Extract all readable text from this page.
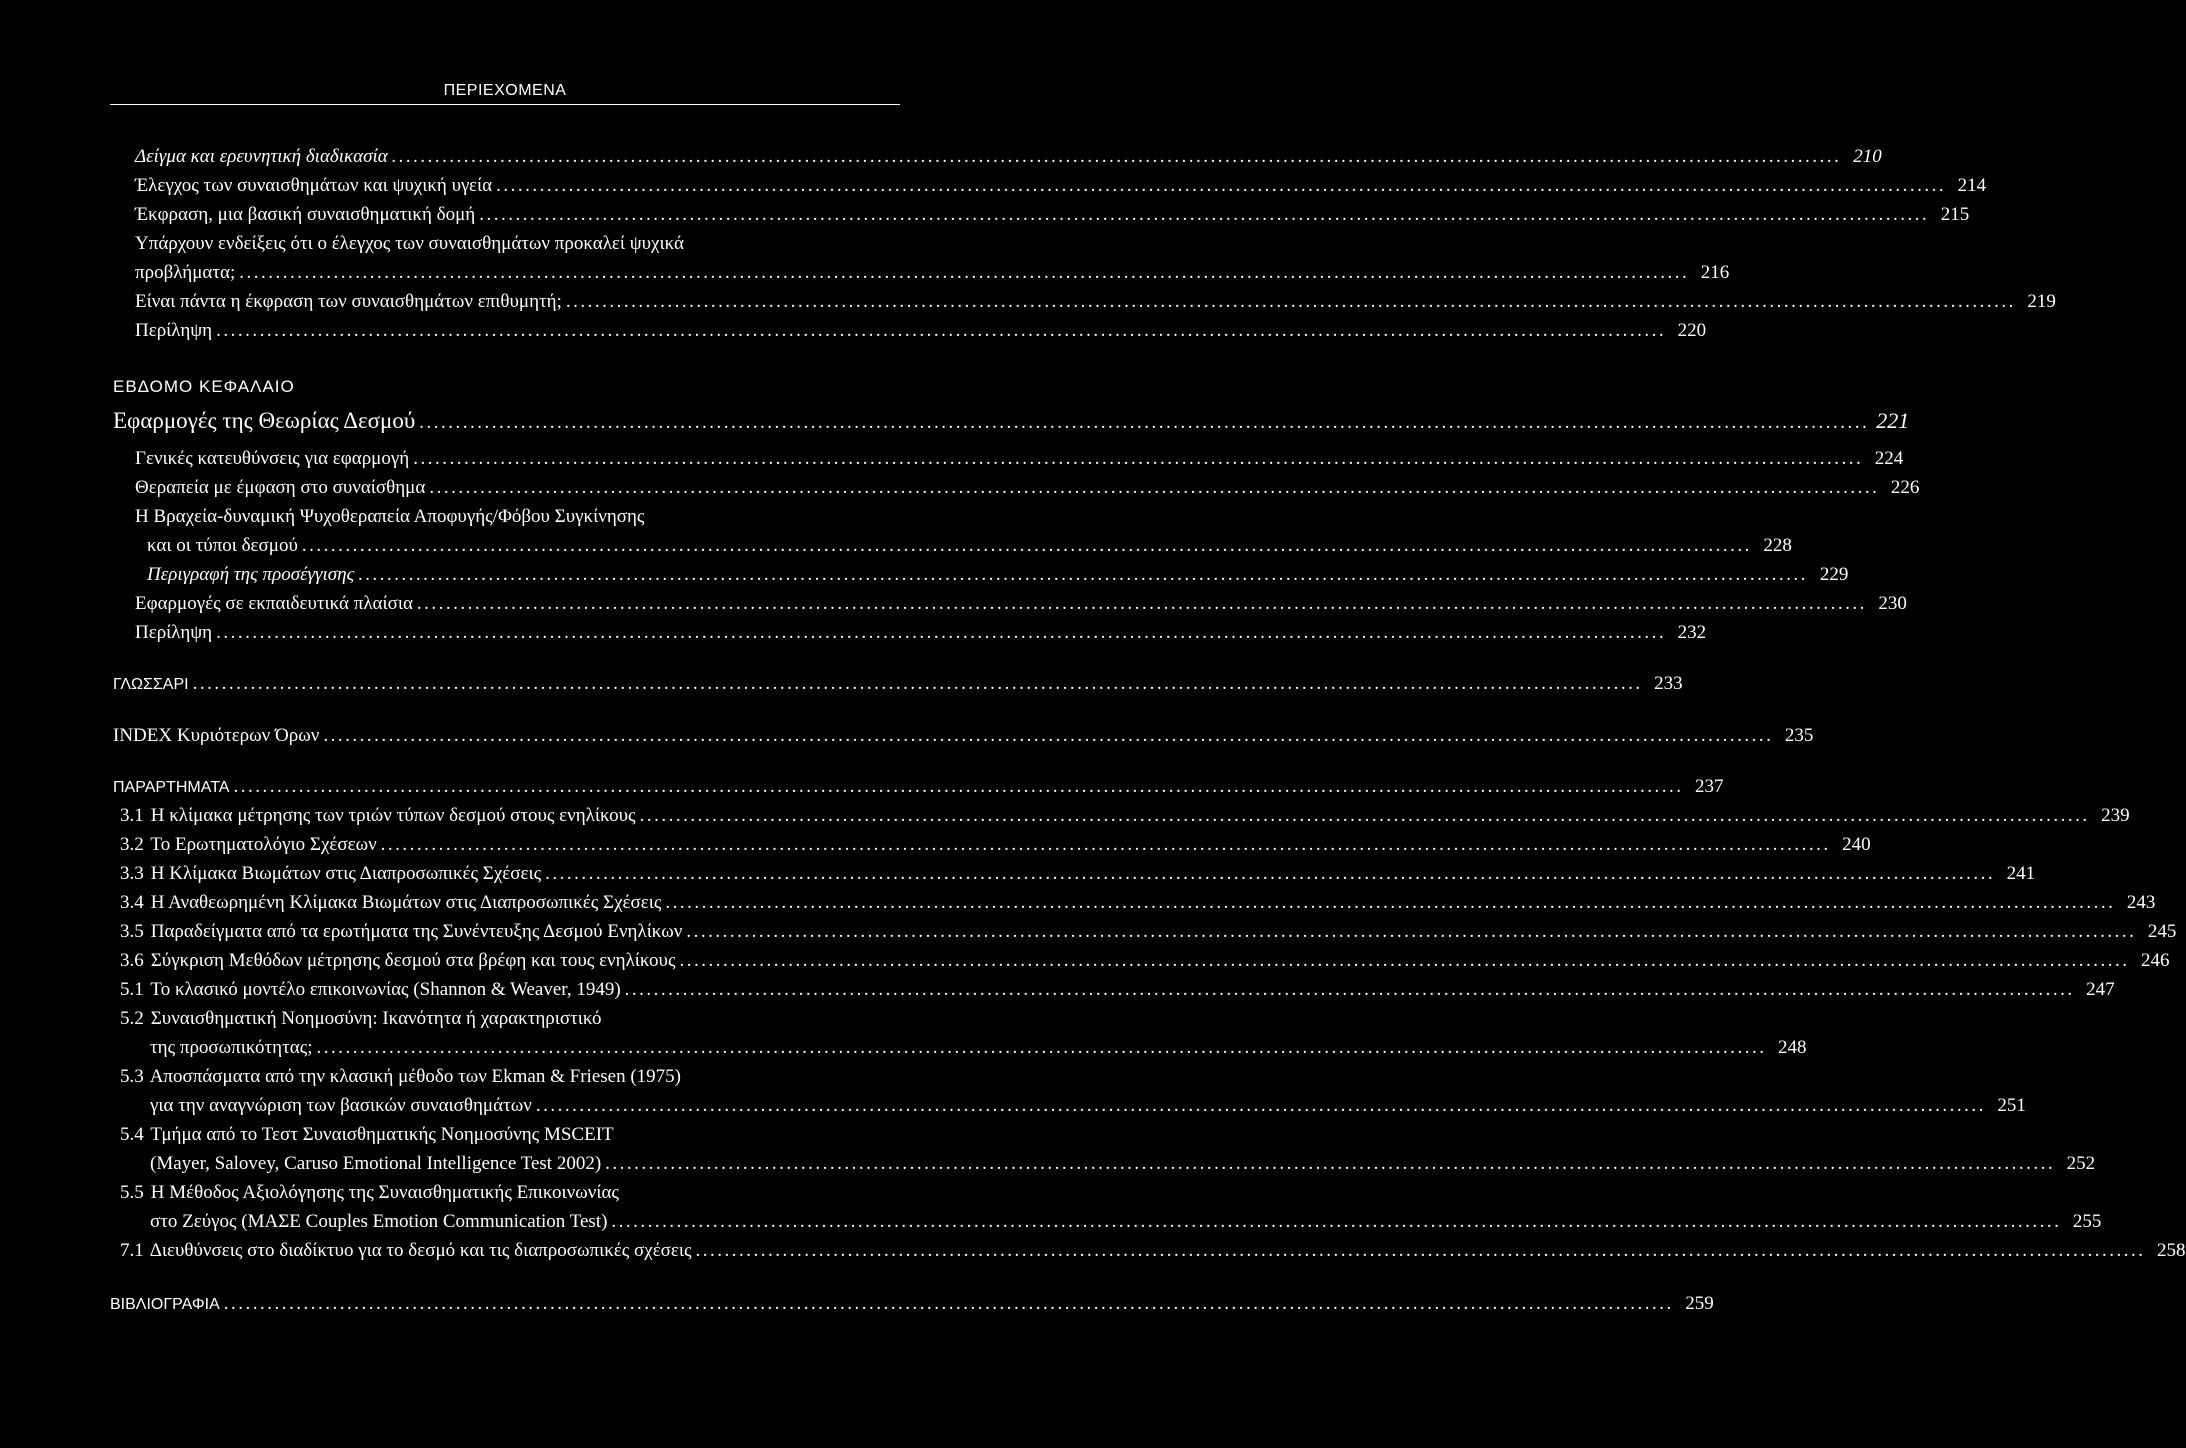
ΠΕΡΙΕΧΟΜΕΝΑ
Δείγμα και ερευνητική διαδικασία ........................................................................................................................................................................................................ 210
Έλεγχος των συναισθημάτων και ψυχική υγεία ........................................................................................................................................................................................................ 214
Έκφραση, μια βασική συναισθηματική δομή ........................................................................................................................................................................................................ 215
Υπάρχουν ενδείξεις ότι ο έλεγχος των συναισθημάτων προκαλεί ψυχικά
προβλήματα; ........................................................................................................................................................................................................ 216
Είναι πάντα η έκφραση των συναισθημάτων επιθυμητή; ........................................................................................................................................................................................................ 219
Περίληψη ........................................................................................................................................................................................................ 220
ΕΒΔΟΜΟ ΚΕΦΑΛΑΙΟ
Εφαρμογές της Θεωρίας Δεσμού ........................................................................................................................................................................................................ 221
Γενικές κατευθύνσεις για εφαρμογή ........................................................................................................................................................................................................ 224
Θεραπεία με έμφαση στο συναίσθημα ........................................................................................................................................................................................................ 226
Η Βραχεία-δυναμική Ψυχοθεραπεία Αποφυγής/Φόβου Συγκίνησης
και οι τύποι δεσμού ........................................................................................................................................................................................................ 228
Περιγραφή της προσέγγισης ........................................................................................................................................................................................................ 229
Εφαρμογές σε εκπαιδευτικά πλαίσια ........................................................................................................................................................................................................ 230
Περίληψη ........................................................................................................................................................................................................ 232
ΓΛΩΣΣΑΡΙ ........................................................................................................................................................................................................ 233
INDEX Κυριότερων Όρων ........................................................................................................................................................................................................ 235
ΠΑΡΑΡΤΗΜΑΤΑ ........................................................................................................................................................................................................ 237
3.1 Η κλίμακα μέτρησης των τριών τύπων δεσμού στους ενηλίκους ........................................................................................................................................................................................................ 239
3.2 Το Ερωτηματολόγιο Σχέσεων ........................................................................................................................................................................................................ 240
3.3 Η Κλίμακα Βιωμάτων στις Διαπροσωπικές Σχέσεις ........................................................................................................................................................................................................ 241
3.4 Η Αναθεωρημένη Κλίμακα Βιωμάτων στις Διαπροσωπικές Σχέσεις ........................................................................................................................................................................................................ 243
3.5 Παραδείγματα από τα ερωτήματα της Συνέντευξης Δεσμού Ενηλίκων ........................................................................................................................................................................................................ 245
3.6 Σύγκριση Μεθόδων μέτρησης δεσμού στα βρέφη και τους ενηλίκους ........................................................................................................................................................................................................ 246
5.1 Το κλασικό μοντέλο επικοινωνίας (Shannon & Weaver, 1949) ........................................................................................................................................................................................................ 247
5.2 Συναισθηματική Νοημοσύνη: Ικανότητα ή χαρακτηριστικό
της προσωπικότητας; ........................................................................................................................................................................................................ 248
5.3 Αποσπάσματα από την κλασική μέθοδο των Ekman & Friesen (1975)
για την αναγνώριση των βασικών συναισθημάτων ........................................................................................................................................................................................................ 251
5.4 Τμήμα από το Τεστ Συναισθηματικής Νοημοσύνης MSCEIT
(Mayer, Salovey, Caruso Emotional Intelligence Test 2002) ........................................................................................................................................................................................................ 252
5.5 Η Μέθοδος Αξιολόγησης της Συναισθηματικής Επικοινωνίας
στο Ζεύγος (ΜΑΣΕ Couples Emotion Communication Test) ........................................................................................................................................................................................................ 255
7.1 Διευθύνσεις στο διαδίκτυο για το δεσμό και τις διαπροσωπικές σχέσεις ........................................................................................................................................................................................................ 258
ΒΙΒΛΙΟΓΡΑΦΙΑ ........................................................................................................................................................................................................ 259
